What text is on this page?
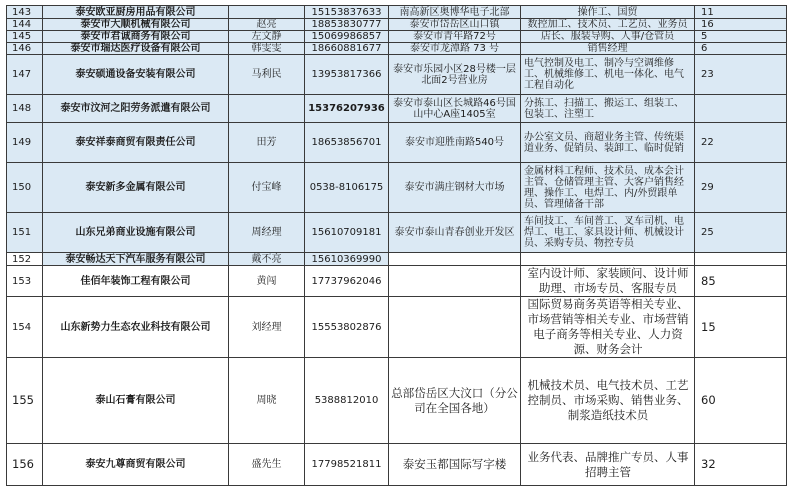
143	泰安欧亚厨房用品有限公司		15153837633	南高新区奥博华电子北部	操作工、国贸	11
144	泰安市大顺机械有限公司	赵亮	18853830777	泰安市岱岳区山口镇	数控加工、技术员、工艺员、业务员	16
145	泰安市君诚商务有限公司	左文静	15069986857	泰安市青年路72号	店长、服装导购、人事/仓管员	5
146	泰安市瑞达医疗设备有限公司	韩雯雯	18660881677	泰安市龙潭路 73 号	销售经理	6
147	泰安硕通设备安装有限公司	马利民	13953817366	泰安市乐园小区28号楼一层北面2号营业房	电气控制及电工、制冷与空调维修工、机械维修工、机电一体化、电气工程自动化	23
148	泰安市汶河之阳劳务派遣有限公司		15376207936	泰安市泰山区长城路46号国山中心A座1405室	分拣工、扫描工、搬运工、组装工、包装工、注塑工	
149	泰安祥泰商贸有限责任公司	田芳	18653856701	泰安市迎胜南路540号	办公室文员、商超业务主管、传统渠道业务、促销员、装卸工、临时促销	22
150	泰安新多金属有限公司	付宝峰	0538-8106175	泰安市满庄钢材大市场	金属材料工程师、技术员、成本会计主管、仓储管理主管、大客户销售经理、操作工、电焊工、内/外贸跟单员、管理储备干部	29
151	山东兄弟商业设施有限公司	周经理	15610709181	泰安市泰山青春创业开发区	车间技工、车间普工、叉车司机、电焊工、电工、家具设计师、机械设计员、采购专员、物控专员	25
152	泰安畅达天下汽车服务有限公司	戴不亮	15610369990			
153	佳佰年装饰工程有限公司	黄闯	17737962046		室内设计师、家装顾问、设计师助理、市场专员、客服专员	85
154	山东新势力生态农业科技有限公司	刘经理	15553802876		国际贸易商务英语等相关专业、市场营销等相关专业、市场营销电子商务等相关专业、人力资源、财务会计	15
155	泰山石膏有限公司	周晓	5388812010	总部岱岳区大汶口（分公司在全国各地）	机械技术员、电气技术员、工艺控制员、市场采购、销售业务、制浆造纸技术员	60
156	泰安九尊商贸有限公司	盛先生	17798521811	泰安玉都国际写字楼	业务代表、品牌推广专员、人事招聘主管	32
